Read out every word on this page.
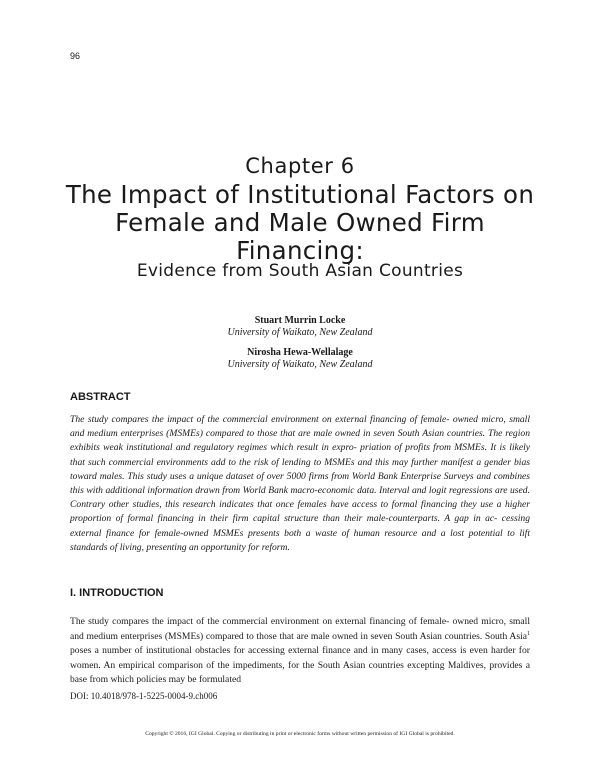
96
Chapter 6
The Impact of Institutional Factors on Female and Male Owned Firm Financing:
Evidence from South Asian Countries
Stuart Murrin Locke
University of Waikato, New Zealand
Nirosha Hewa-Wellalage
University of Waikato, New Zealand
ABSTRACT

The study compares the impact of the commercial environment on external financing of female- owned micro, small and medium enterprises (MSMEs) compared to those that are male owned in seven South Asian countries. The region exhibits weak institutional and regulatory regimes which result in expro- priation of profits from MSMEs. It is likely that such commercial environments add to the risk of lending to MSMEs and this may further manifest a gender bias toward males. This study uses a unique dataset of over 5000 firms from World Bank Enterprise Surveys and combines this with additional information drawn from World Bank macro-economic data. Interval and logit regressions are used. Contrary other studies, this research indicates that once females have access to formal financing they use a higher proportion of formal financing in their firm capital structure than their male-counterparts. A gap in ac- cessing external finance for female-owned MSMEs presents both a waste of human resource and a lost potential to lift standards of living, presenting an opportunity for reform.

I. INTRODUCTION

The study compares the impact of the commercial environment on external financing of female- owned micro, small and medium enterprises (MSMEs) compared to those that are male owned in seven South Asian countries. South Asia$^1$ poses a number of institutional obstacles for accessing external finance and in many cases, access is even harder for women. An empirical comparison of the impediments, for the South Asian countries excepting Maldives, provides a base from which policies may be formulated

DOI: 10.4018/978-1-5225-0004-9.ch006
Copyright © 2016, IGI Global. Copying or distributing in print or electronic forms without written permission of IGI Global is prohibited.
